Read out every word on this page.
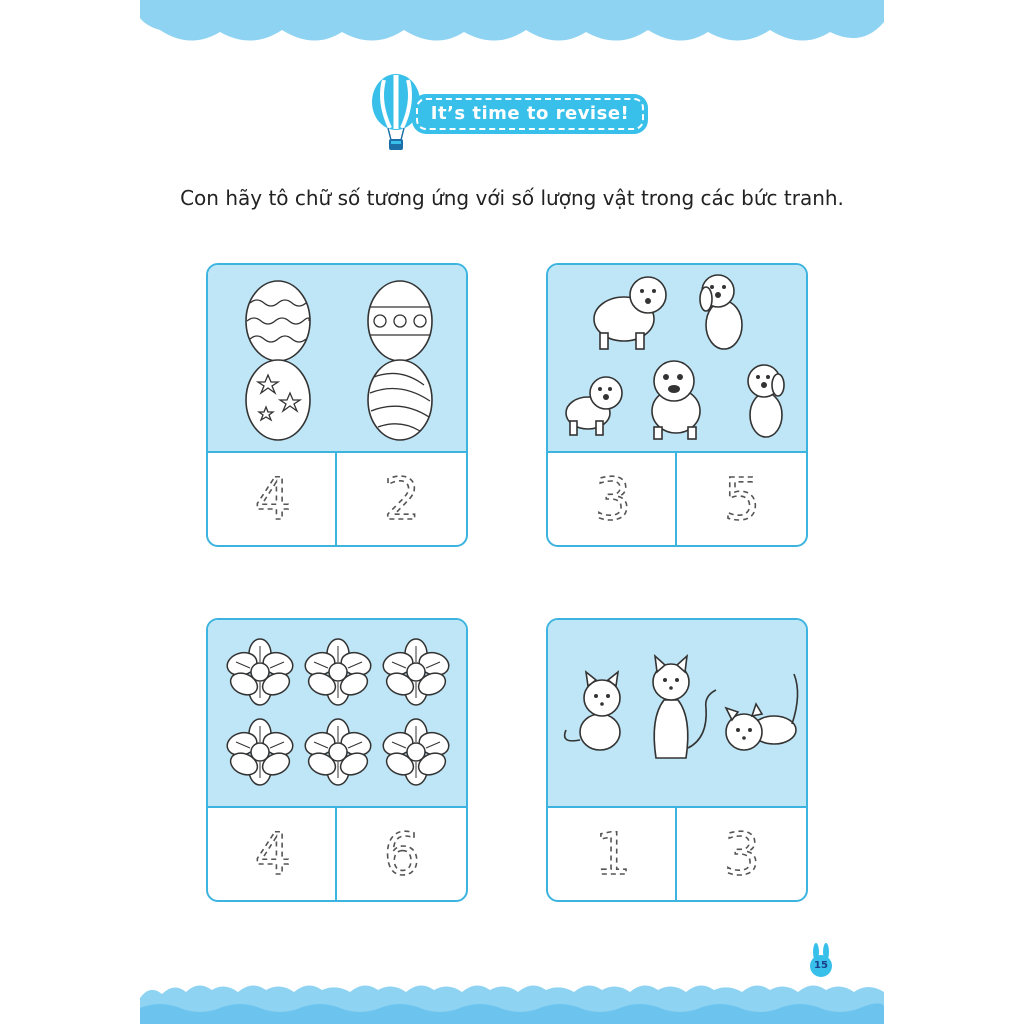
It’s time to revise!
Con hãy tô chữ số tương ứng với số lượng vật trong các bức tranh.
4 2	3 5
4 6	1 3
15
